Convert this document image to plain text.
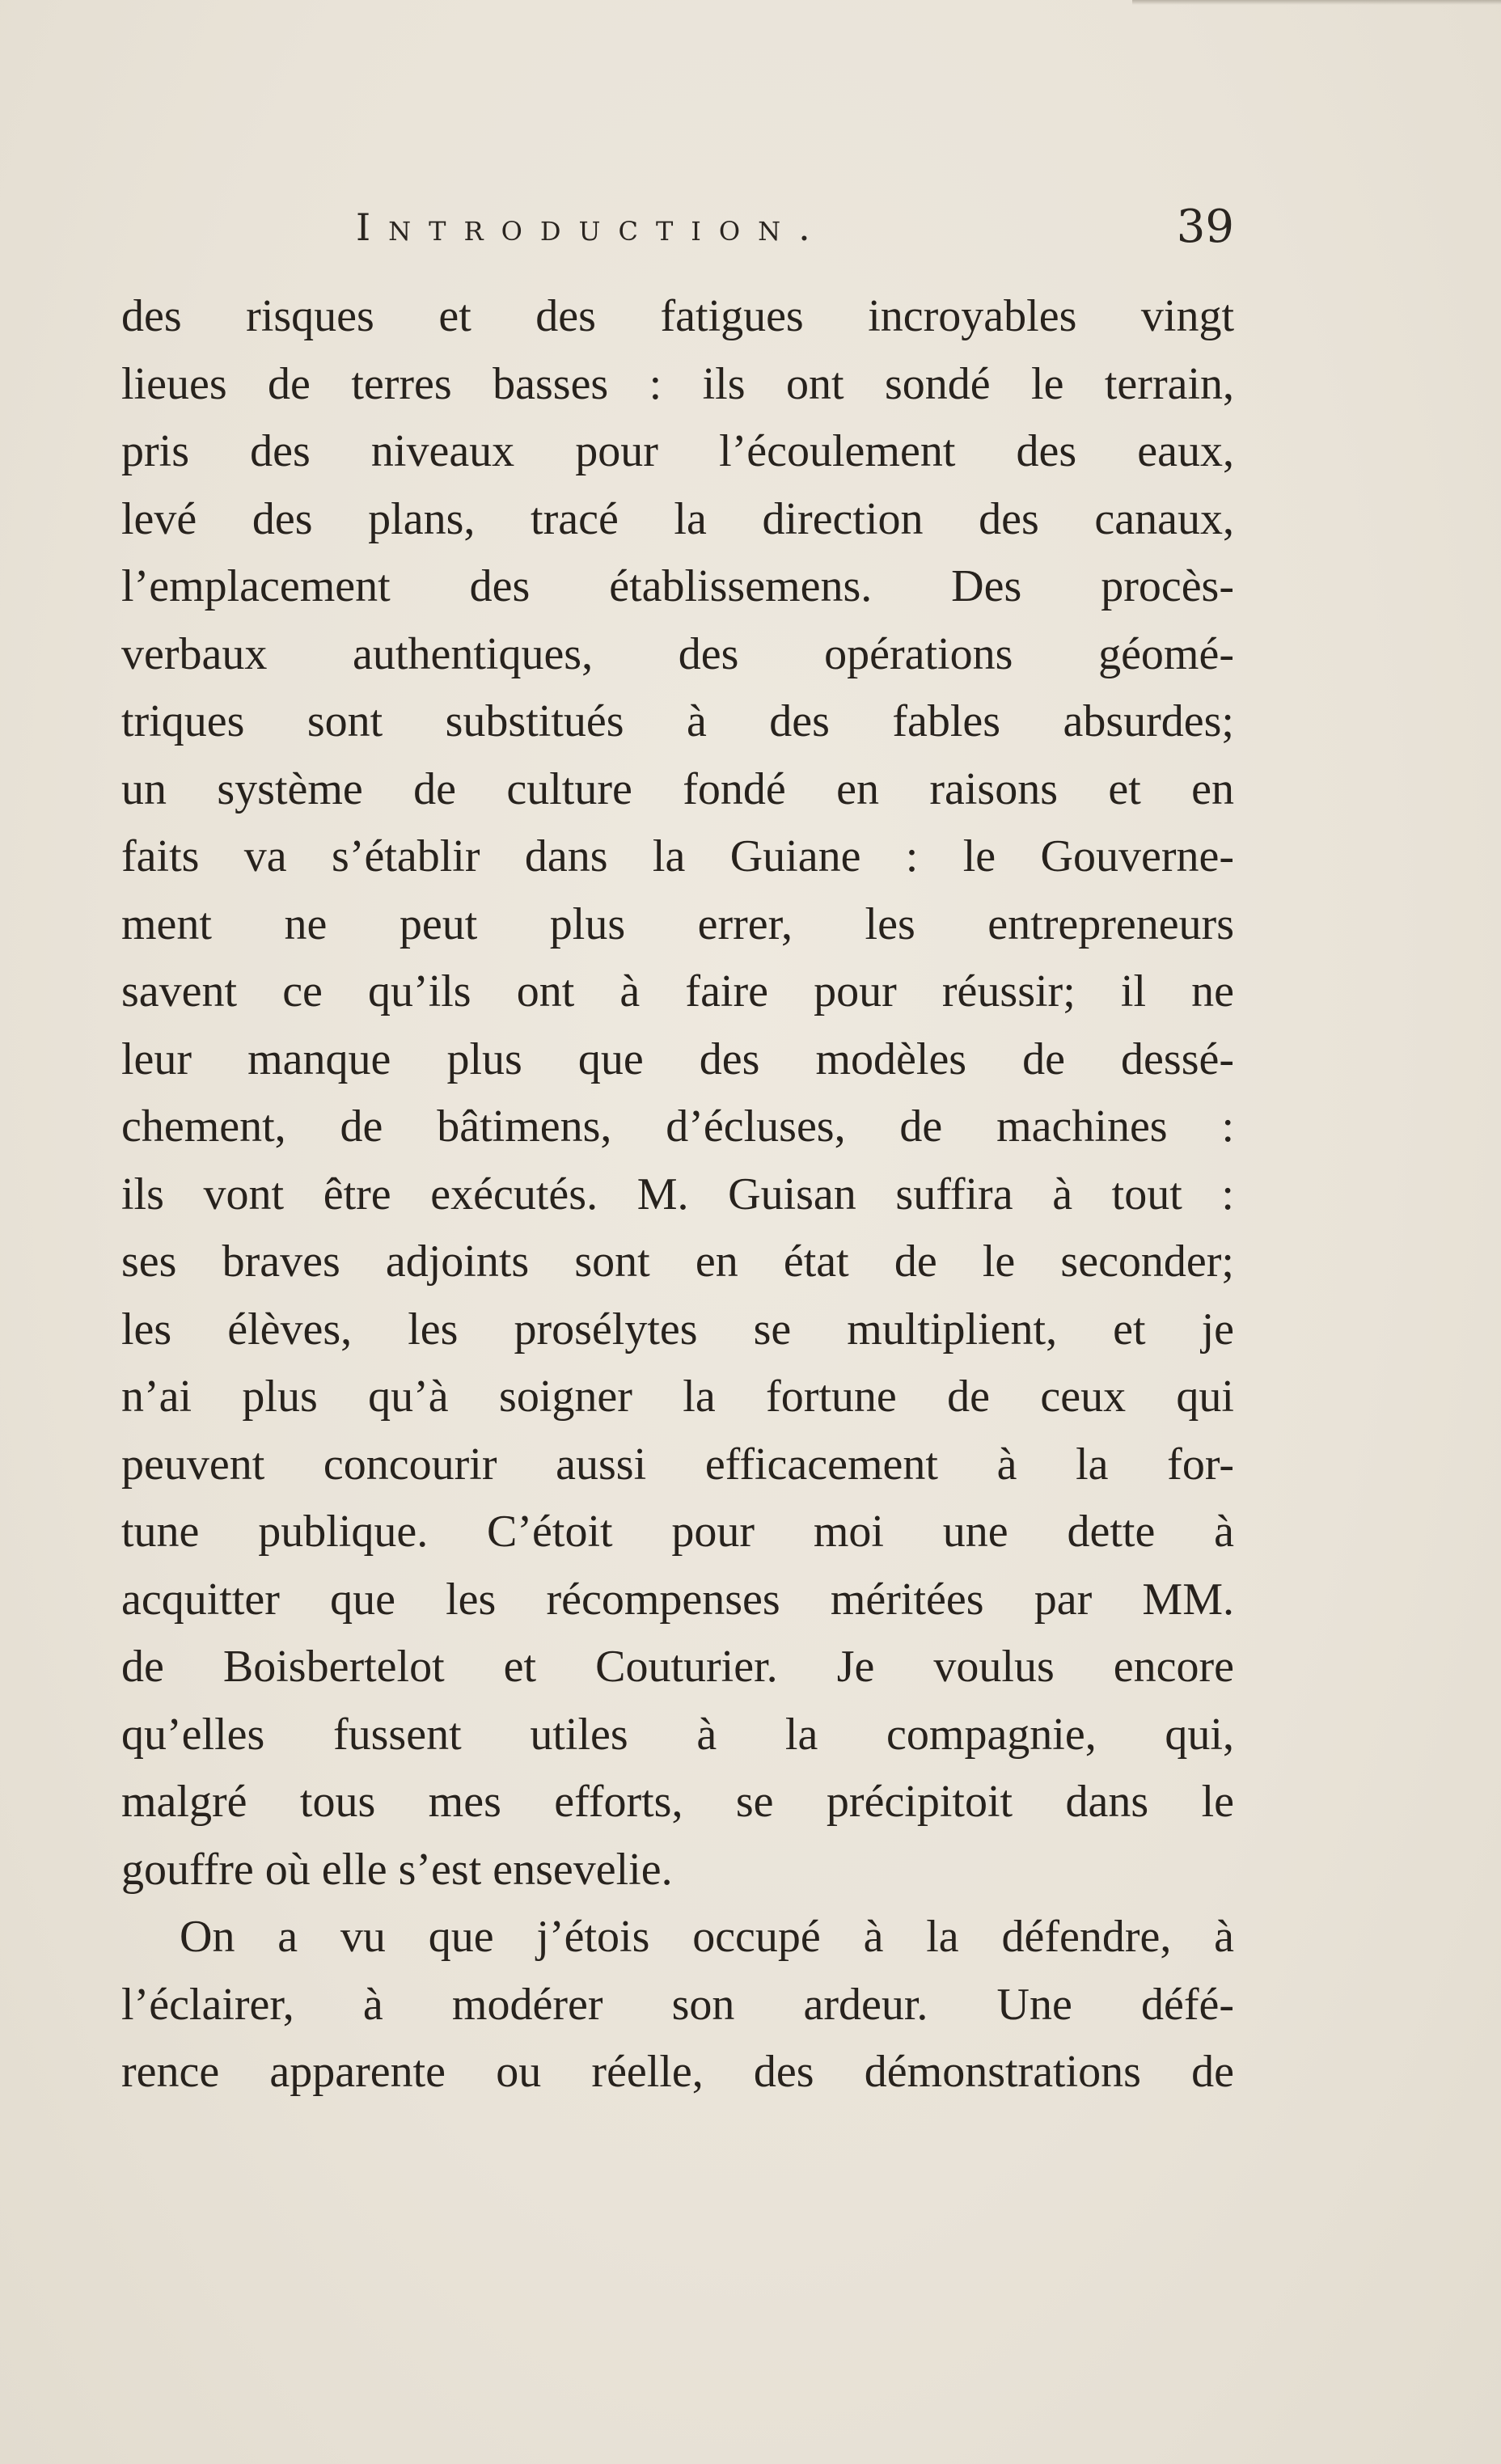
Introduction.	39
des risques et des fatigues incroyables vingt
lieues de terres basses : ils ont sondé le terrain,
pris des niveaux pour l’écoulement des eaux,
levé des plans, tracé la direction des canaux,
l’emplacement des établissemens. Des procès-
verbaux authentiques, des opérations géomé-
triques sont substitués à des fables absurdes;
un système de culture fondé en raisons et en
faits va s’établir dans la Guiane : le Gouverne-
ment ne peut plus errer, les entrepreneurs
savent ce qu’ils ont à faire pour réussir; il ne
leur manque plus que des modèles de dessé-
chement, de bâtimens, d’écluses, de machines :
ils vont être exécutés. M. Guisan suffira à tout :
ses braves adjoints sont en état de le seconder;
les élèves, les prosélytes se multiplient, et je
n’ai plus qu’à soigner la fortune de ceux qui
peuvent concourir aussi efficacement à la for-
tune publique. C’étoit pour moi une dette à
acquitter que les récompenses méritées par MM.
de Boisbertelot et Couturier. Je voulus encore
qu’elles fussent utiles à la compagnie, qui,
malgré tous mes efforts, se précipitoit dans le
gouffre où elle s’est ensevelie.
On a vu que j’étois occupé à la défendre, à
l’éclairer, à modérer son ardeur. Une défé-
rence apparente ou réelle, des démonstrations de
